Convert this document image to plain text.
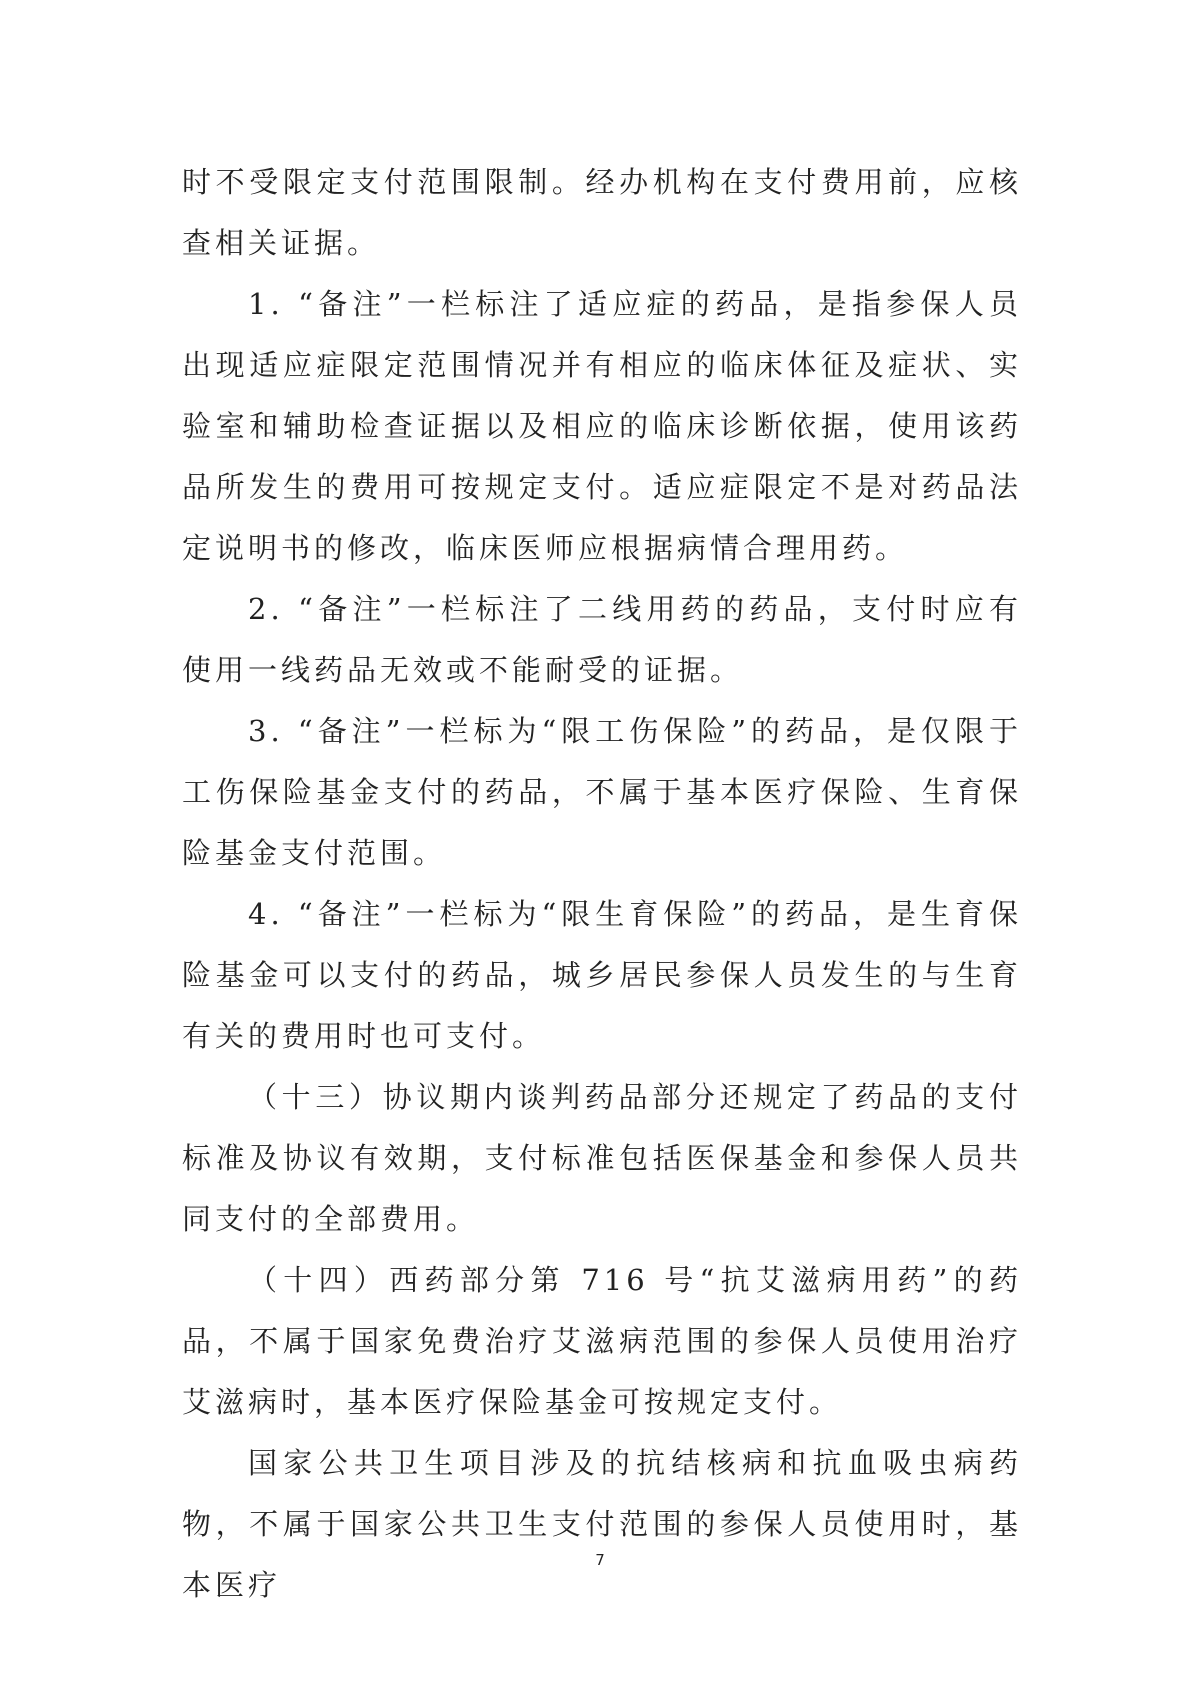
时不受限定支付范围限制。经办机构在支付费用前，应核查相关证据。

1. “备注”一栏标注了适应症的药品，是指参保人员出现适应症限定范围情况并有相应的临床体征及症状、实验室和辅助检查证据以及相应的临床诊断依据，使用该药品所发生的费用可按规定支付。适应症限定不是对药品法定说明书的修改，临床医师应根据病情合理用药。

2. “备注”一栏标注了二线用药的药品，支付时应有使用一线药品无效或不能耐受的证据。

3. “备注”一栏标为“限工伤保险”的药品，是仅限于工伤保险基金支付的药品，不属于基本医疗保险、生育保险基金支付范围。

4. “备注”一栏标为“限生育保险”的药品，是生育保险基金可以支付的药品，城乡居民参保人员发生的与生育有关的费用时也可支付。

（十三）协议期内谈判药品部分还规定了药品的支付标准及协议有效期，支付标准包括医保基金和参保人员共同支付的全部费用。

（十四）西药部分第 716 号“抗艾滋病用药”的药品，不属于国家免费治疗艾滋病范围的参保人员使用治疗艾滋病时，基本医疗保险基金可按规定支付。

国家公共卫生项目涉及的抗结核病和抗血吸虫病药物，不属于国家公共卫生支付范围的参保人员使用时，基本医疗

7
